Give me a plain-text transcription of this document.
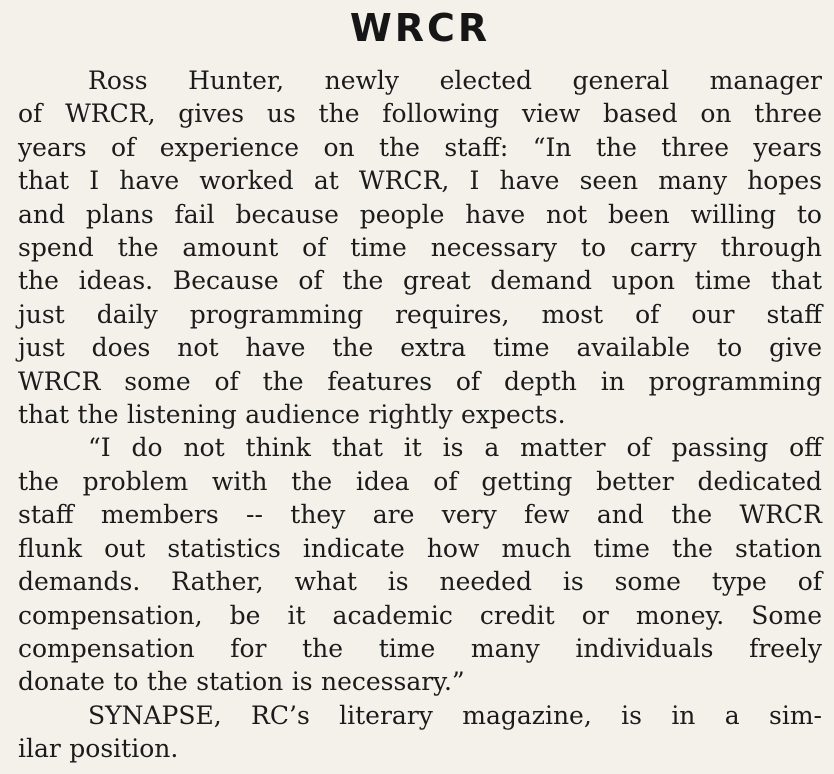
WRCR

Ross Hunter, newly elected general manager
of WRCR, gives us the following view based on three
years of experience on the staff: “In the three years
that I have worked at WRCR, I have seen many hopes
and plans fail because people have not been willing to
spend the amount of time necessary to carry through
the ideas. Because of the great demand upon time that
just daily programming requires, most of our staff
just does not have the extra time available to give
WRCR some of the features of depth in programming
that the listening audience rightly expects.

“I do not think that it is a matter of passing off
the problem with the idea of getting better dedicated
staff members -- they are very few and the WRCR
flunk out statistics indicate how much time the station
demands. Rather, what is needed is some type of
compensation, be it academic credit or money. Some
compensation for the time many individuals freely
donate to the station is necessary.”

SYNAPSE, RC’s literary magazine, is in a sim-
ilar position.
